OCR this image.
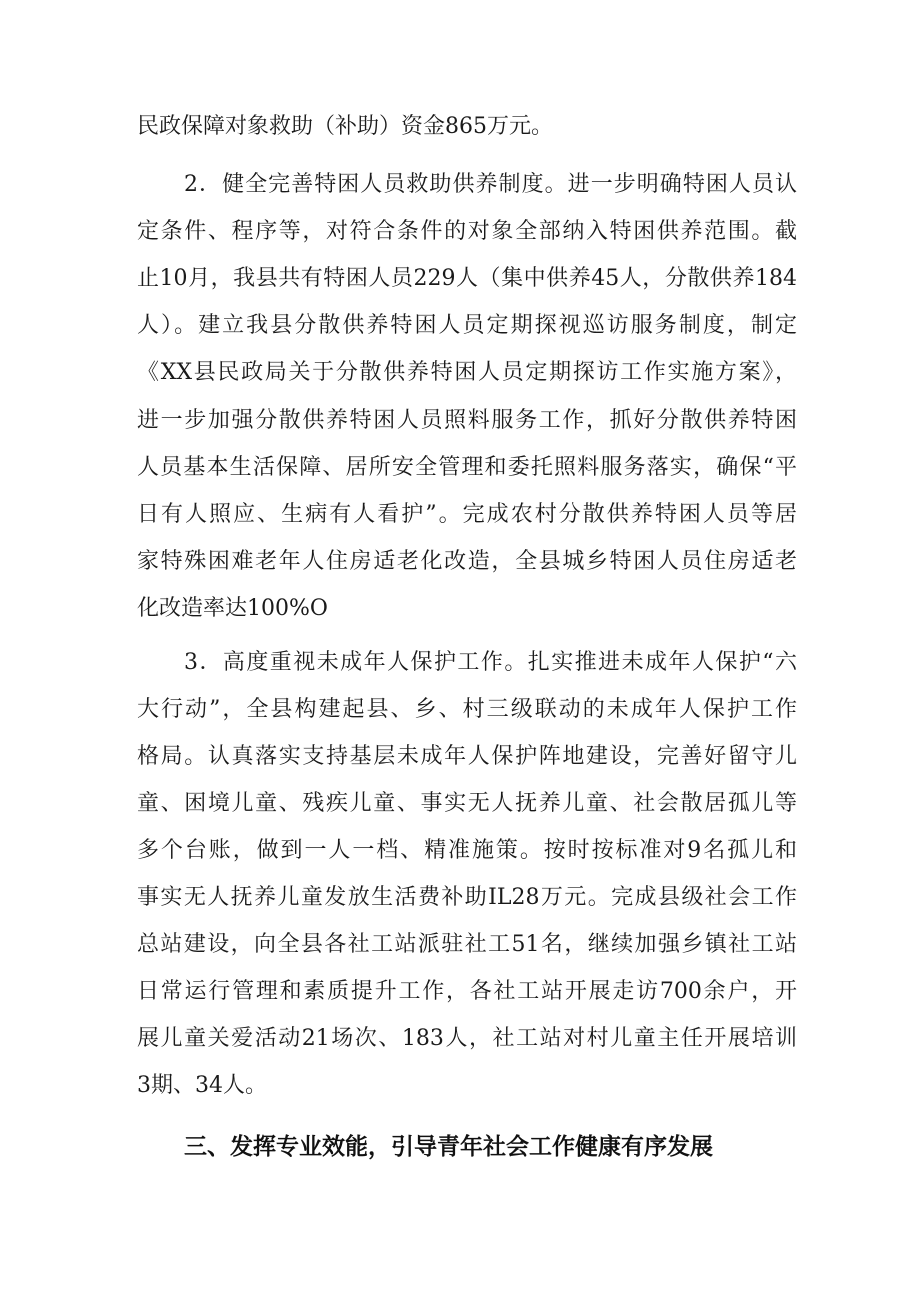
民政保障对象救助（补助）资金865万元。
2．健全完善特困人员救助供养制度。进一步明确特困人员认
定条件、程序等，对符合条件的对象全部纳入特困供养范围。截
止10月，我县共有特困人员229人（集中供养45人，分散供养184
人）。建立我县分散供养特困人员定期探视巡访服务制度，制定
《XX县民政局关于分散供养特困人员定期探访工作实施方案》，
进一步加强分散供养特困人员照料服务工作，抓好分散供养特困
人员基本生活保障、居所安全管理和委托照料服务落实，确保“平
日有人照应、生病有人看护”。完成农村分散供养特困人员等居
家特殊困难老年人住房适老化改造，全县城乡特困人员住房适老
化改造率达100%O
3．高度重视未成年人保护工作。扎实推进未成年人保护“六
大行动”，全县构建起县、乡、村三级联动的未成年人保护工作
格局。认真落实支持基层未成年人保护阵地建设，完善好留守儿
童、困境儿童、残疾儿童、事实无人抚养儿童、社会散居孤儿等
多个台账，做到一人一档、精准施策。按时按标准对9名孤儿和
事实无人抚养儿童发放生活费补助IL28万元。完成县级社会工作
总站建设，向全县各社工站派驻社工51名，继续加强乡镇社工站
日常运行管理和素质提升工作，各社工站开展走访700余户，开
展儿童关爱活动21场次、183人，社工站对村儿童主任开展培训
3期、34人。
三、发挥专业效能，引导青年社会工作健康有序发展
